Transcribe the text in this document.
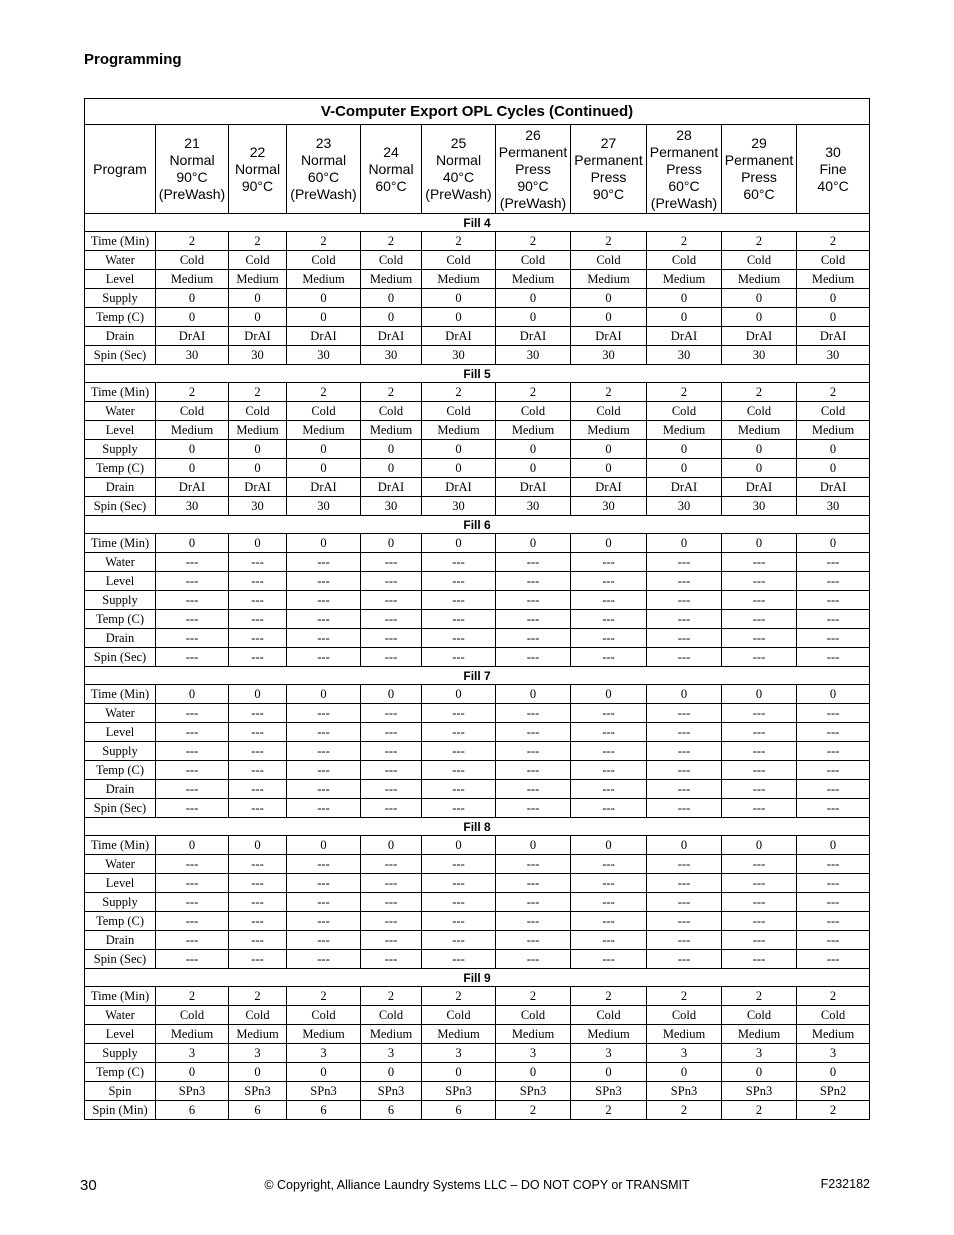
Programming
V-Computer Export OPL Cycles (Continued)										
Program	21
Normal
90°C
(PreWash)	22
Normal
90°C	23
Normal
60°C
(PreWash)	24
Normal
60°C	25
Normal
40°C
(PreWash)	26
Permanent
Press
90°C
(PreWash)	27
Permanent
Press
90°C	28
Permanent
Press
60°C
(PreWash)	29
Permanent
Press
60°C	30
Fine
40°C

Fill 4										
Time (Min)	2	2	2	2	2	2	2	2	2	2
Water	Cold	Cold	Cold	Cold	Cold	Cold	Cold	Cold	Cold	Cold
Level	Medium	Medium	Medium	Medium	Medium	Medium	Medium	Medium	Medium	Medium
Supply	0	0	0	0	0	0	0	0	0	0
Temp (C)	0	0	0	0	0	0	0	0	0	0
Drain	DrAI	DrAI	DrAI	DrAI	DrAI	DrAI	DrAI	DrAI	DrAI	DrAI
Spin (Sec)	30	30	30	30	30	30	30	30	30	30
Fill 5										
Time (Min)	2	2	2	2	2	2	2	2	2	2
Water	Cold	Cold	Cold	Cold	Cold	Cold	Cold	Cold	Cold	Cold
Level	Medium	Medium	Medium	Medium	Medium	Medium	Medium	Medium	Medium	Medium
Supply	0	0	0	0	0	0	0	0	0	0
Temp (C)	0	0	0	0	0	0	0	0	0	0
Drain	DrAI	DrAI	DrAI	DrAI	DrAI	DrAI	DrAI	DrAI	DrAI	DrAI
Spin (Sec)	30	30	30	30	30	30	30	30	30	30
Fill 6										
Time (Min)	0	0	0	0	0	0	0	0	0	0
Water	---	---	---	---	---	---	---	---	---	---
Level	---	---	---	---	---	---	---	---	---	---
Supply	---	---	---	---	---	---	---	---	---	---
Temp (C)	---	---	---	---	---	---	---	---	---	---
Drain	---	---	---	---	---	---	---	---	---	---
Spin (Sec)	---	---	---	---	---	---	---	---	---	---
Fill 7										
Time (Min)	0	0	0	0	0	0	0	0	0	0
Water	---	---	---	---	---	---	---	---	---	---
Level	---	---	---	---	---	---	---	---	---	---
Supply	---	---	---	---	---	---	---	---	---	---
Temp (C)	---	---	---	---	---	---	---	---	---	---
Drain	---	---	---	---	---	---	---	---	---	---
Spin (Sec)	---	---	---	---	---	---	---	---	---	---
Fill 8										
Time (Min)	0	0	0	0	0	0	0	0	0	0
Water	---	---	---	---	---	---	---	---	---	---
Level	---	---	---	---	---	---	---	---	---	---
Supply	---	---	---	---	---	---	---	---	---	---
Temp (C)	---	---	---	---	---	---	---	---	---	---
Drain	---	---	---	---	---	---	---	---	---	---
Spin (Sec)	---	---	---	---	---	---	---	---	---	---
Fill 9										
Time (Min)	2	2	2	2	2	2	2	2	2	2
Water	Cold	Cold	Cold	Cold	Cold	Cold	Cold	Cold	Cold	Cold
Level	Medium	Medium	Medium	Medium	Medium	Medium	Medium	Medium	Medium	Medium
Supply	3	3	3	3	3	3	3	3	3	3
Temp (C)	0	0	0	0	0	0	0	0	0	0
Spin	SPn3	SPn3	SPn3	SPn3	SPn3	SPn3	SPn3	SPn3	SPn3	SPn2
Spin (Min)	6	6	6	6	6	2	2	2	2	2
30	© Copyright, Alliance Laundry Systems LLC – DO NOT COPY or TRANSMIT	F232182
